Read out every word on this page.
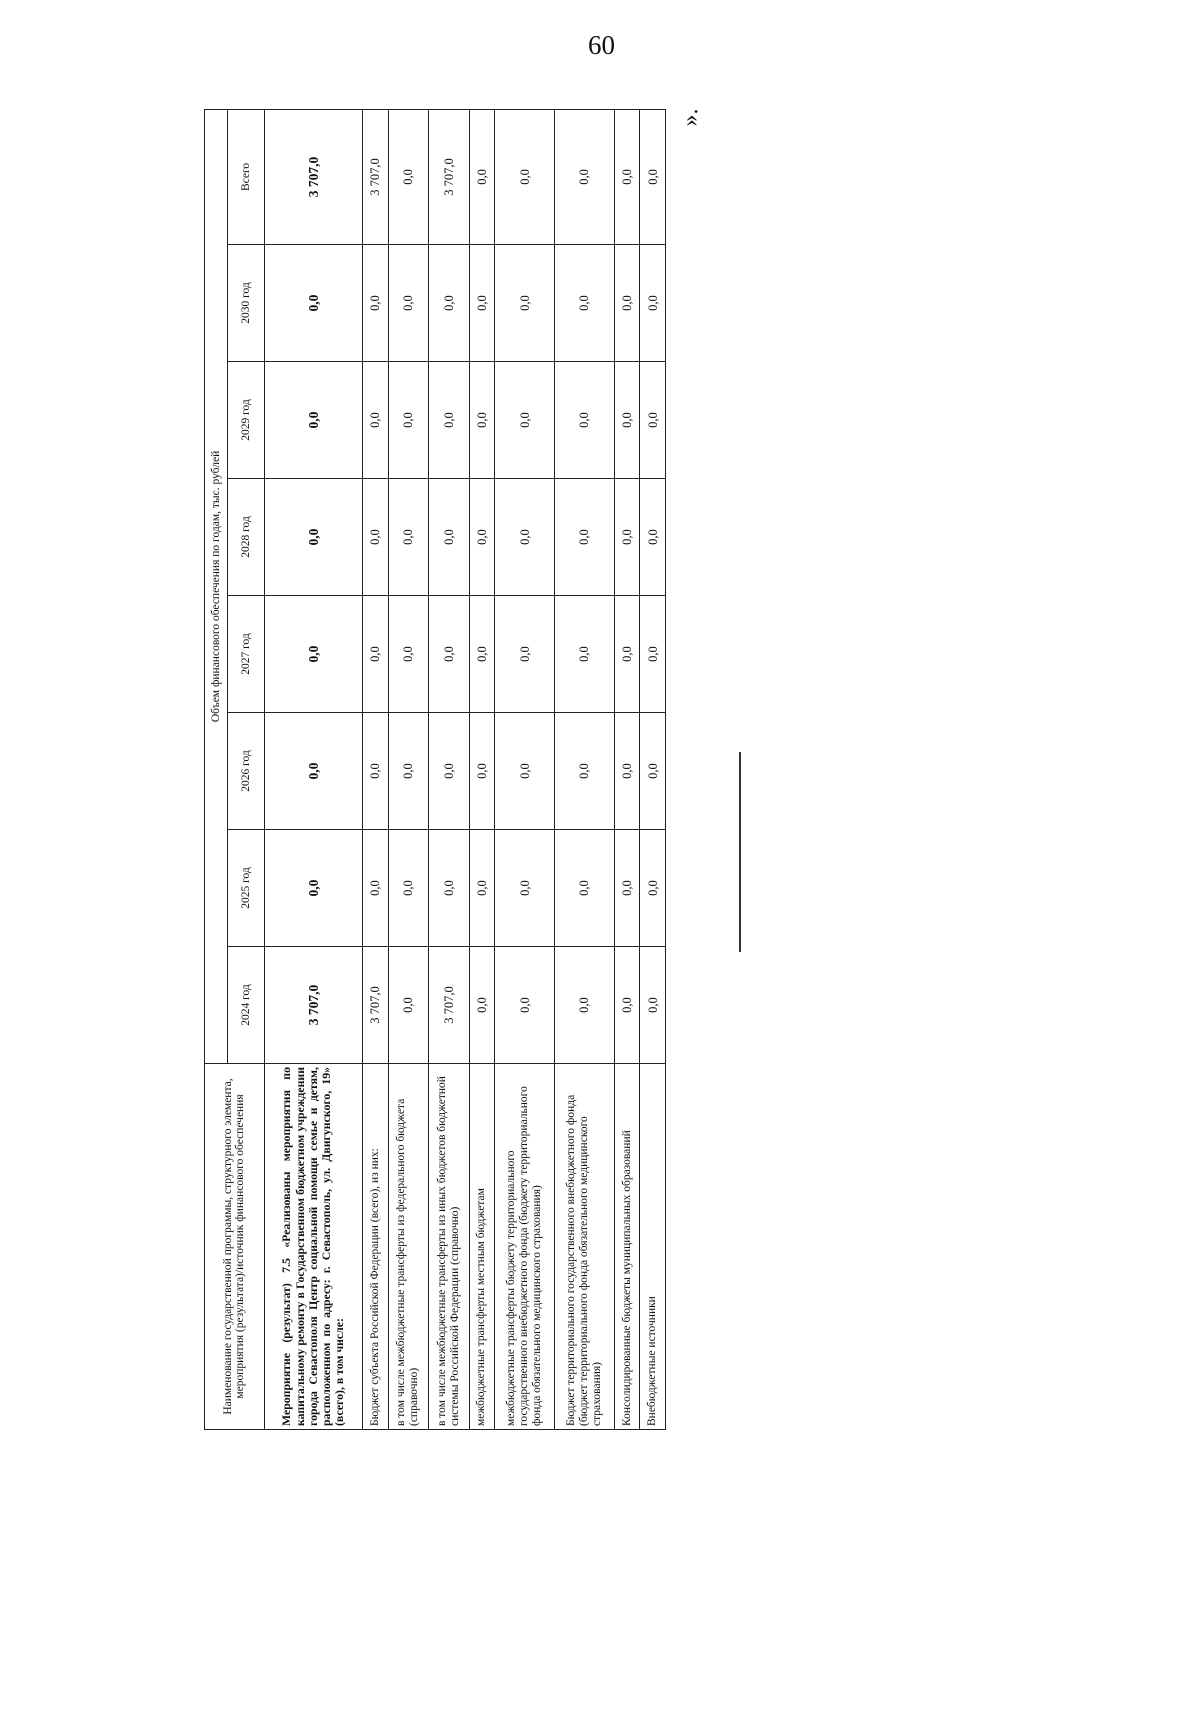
60
Наименование государственной программы, структурного элемента, мероприятия (результата)/источник финансового обеспечения	Объем финансового обеспечения по годам, тыс. рублей							
	2024 год	2025 год	2026 год	2027 год	2028 год	2029 год	2030 год	Всего
Мероприятие (результат) 7.5 «Реализованы мероприятия по капитальному ремонту в Государственном бюджетном учреждении города Севастополя Центр социальной помощи семье и детям, расположенном по адресу: г. Севастополь, ул. Двигунского, 19» (всего), в том числе:	3 707,0	0,0	0,0	0,0	0,0	0,0	0,0	3 707,0
Бюджет субъекта Российской Федерации (всего), из них:	3 707,0	0,0	0,0	0,0	0,0	0,0	0,0	3 707,0
в том числе межбюджетные трансферты из федерального бюджета (справочно)	0,0	0,0	0,0	0,0	0,0	0,0	0,0	0,0
в том числе межбюджетные трансферты из иных бюджетов бюджетной системы Российской Федерации (справочно)	3 707,0	0,0	0,0	0,0	0,0	0,0	0,0	3 707,0
межбюджетные трансферты местным бюджетам	0,0	0,0	0,0	0,0	0,0	0,0	0,0	0,0
межбюджетные трансферты бюджету территориального государственного внебюджетного фонда (бюджету территориального фонда обязательного медицинского страхования)	0,0	0,0	0,0	0,0	0,0	0,0	0,0	0,0
Бюджет территориального государственного внебюджетного фонда (бюджет территориального фонда обязательного медицинского страхования)	0,0	0,0	0,0	0,0	0,0	0,0	0,0	0,0
Консолидированные бюджеты муниципальных образований	0,0	0,0	0,0	0,0	0,0	0,0	0,0	0,0
Внебюджетные источники	0,0	0,0	0,0	0,0	0,0	0,0	0,0	0,0
».
